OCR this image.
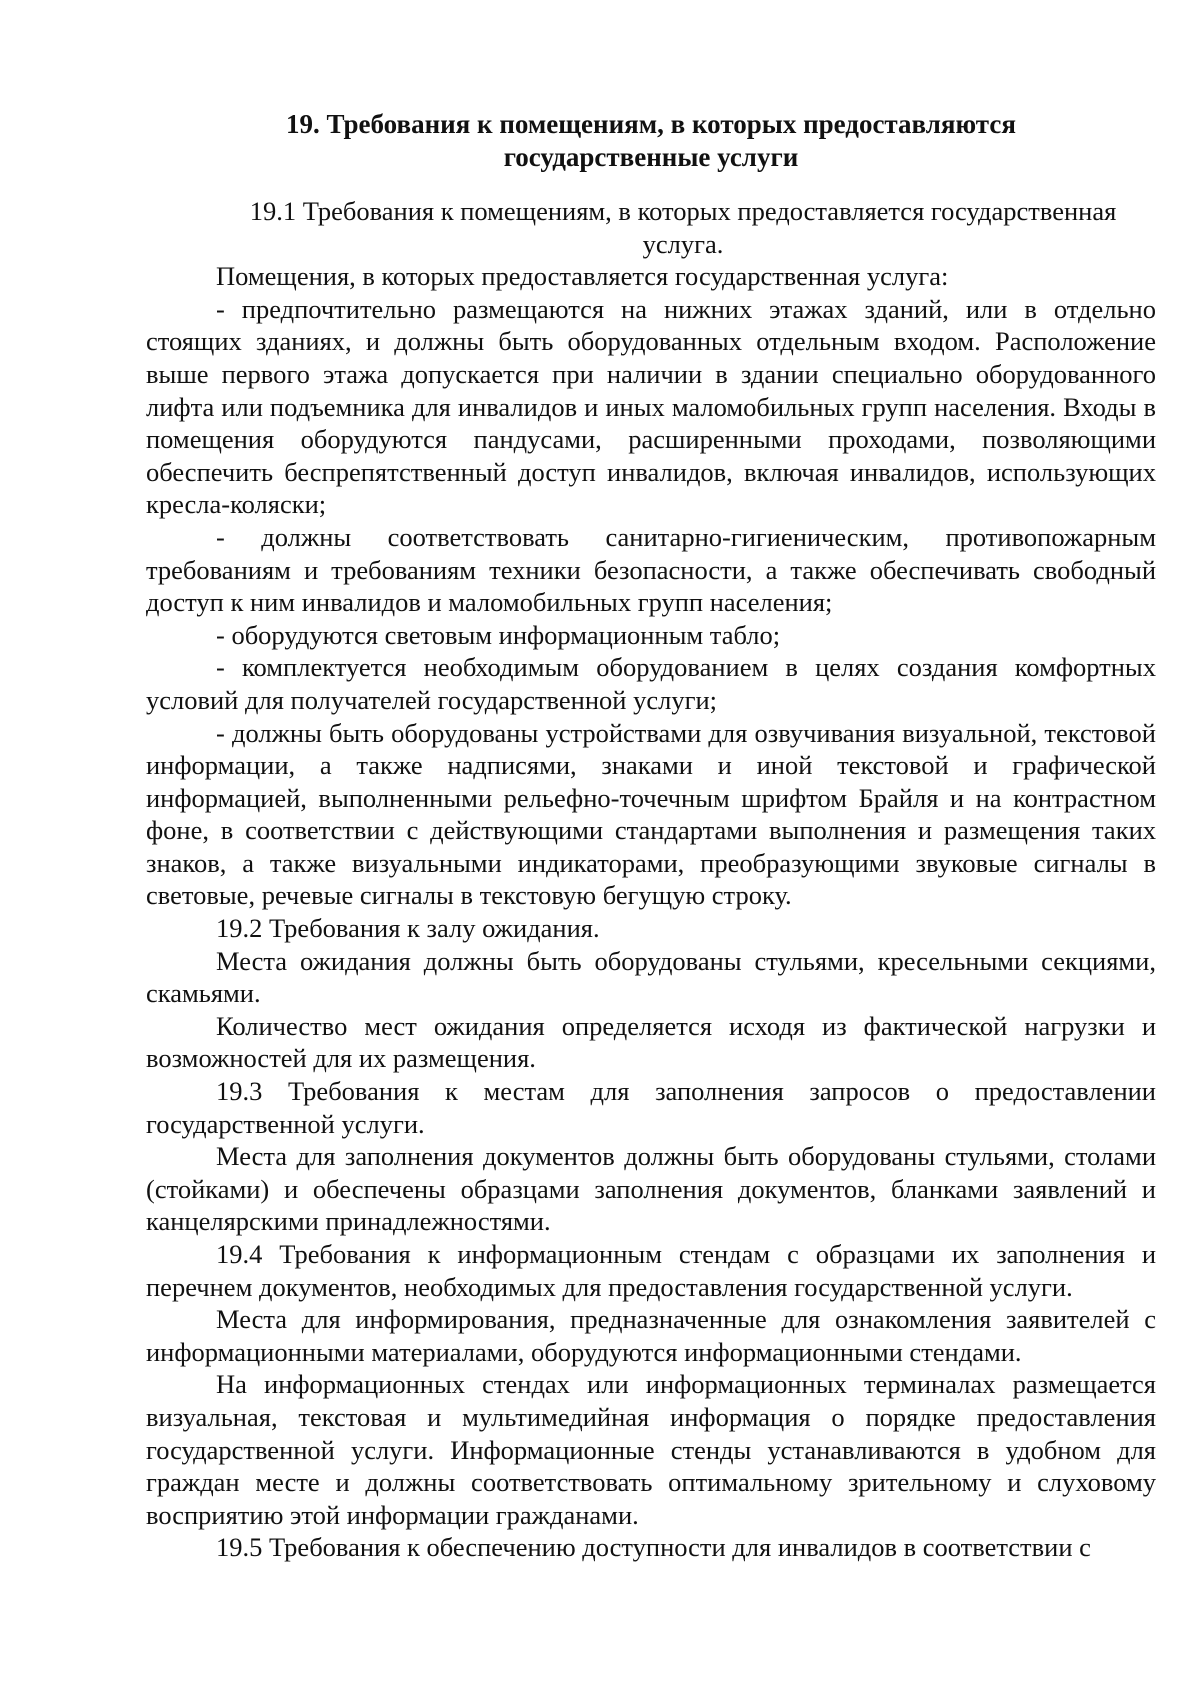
19. Требования к помещениям, в которых предоставляются
государственные услуги
19.1 Требования к помещениям, в которых предоставляется государственная
услуга.

Помещения, в которых предоставляется государственная услуга:

- предпочтительно размещаются на нижних этажах зданий, или в отдельно стоящих зданиях, и должны быть оборудованных отдельным входом. Расположение выше первого этажа допускается при наличии в здании специально оборудованного лифта или подъемника для инвалидов и иных маломобильных групп населения. Входы в помещения оборудуются пандусами, расширенными проходами, позволяющими обеспечить беспрепятственный доступ инвалидов, включая инвалидов, использующих кресла-коляски;

- должны соответствовать санитарно-гигиеническим, противопожарным требованиям и требованиям техники безопасности, а также обеспечивать свободный доступ к ним инвалидов и маломобильных групп населения;

- оборудуются световым информационным табло;

- комплектуется необходимым оборудованием в целях создания комфортных условий для получателей государственной услуги;

- должны быть оборудованы устройствами для озвучивания визуальной, текстовой информации, а также надписями, знаками и иной текстовой и графической информацией, выполненными рельефно-точечным шрифтом Брайля и на контрастном фоне, в соответствии с действующими стандартами выполнения и размещения таких знаков, а также визуальными индикаторами, преобразующими звуковые сигналы в световые, речевые сигналы в текстовую бегущую строку.

19.2 Требования к залу ожидания.

Места ожидания должны быть оборудованы стульями, кресельными секциями, скамьями.

Количество мест ожидания определяется исходя из фактической нагрузки и возможностей для их размещения.

19.3 Требования к местам для заполнения запросов о предоставлении государственной услуги.

Места для заполнения документов должны быть оборудованы стульями, столами (стойками) и обеспечены образцами заполнения документов, бланками заявлений и канцелярскими принадлежностями.

19.4 Требования к информационным стендам с образцами их заполнения и перечнем документов, необходимых для предоставления государственной услуги.

Места для информирования, предназначенные для ознакомления заявителей с информационными материалами, оборудуются информационными стендами.

На информационных стендах или информационных терминалах размещается визуальная, текстовая и мультимедийная информация о порядке предоставления государственной услуги. Информационные стенды устанавливаются в удобном для граждан месте и должны соответствовать оптимальному зрительному и слуховому восприятию этой информации гражданами.

19.5 Требования к обеспечению доступности для инвалидов в соответствии с
